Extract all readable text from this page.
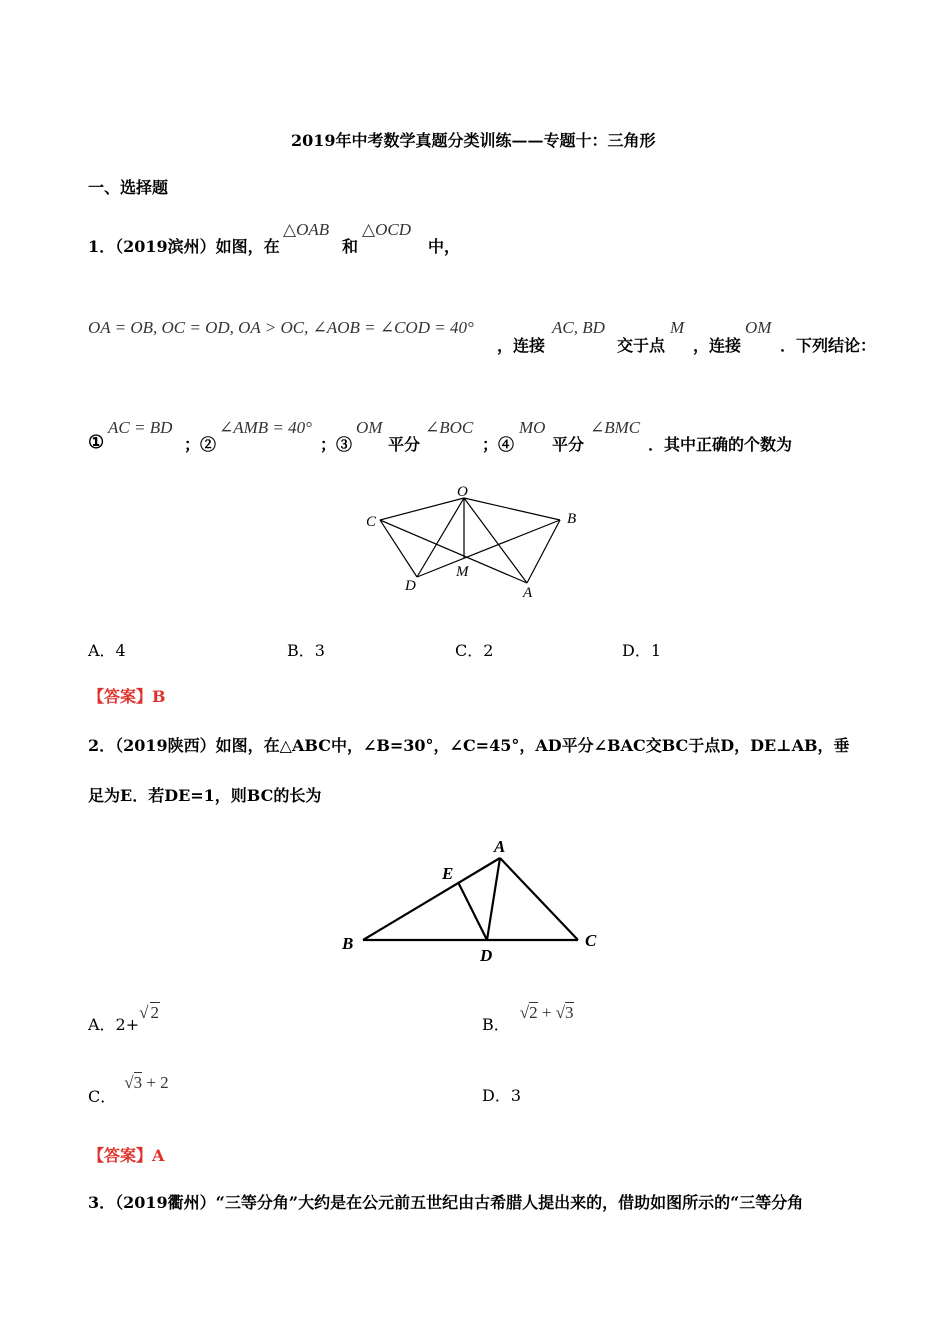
2019年中考数学真题分类训练——专题十：三角形
一、选择题
1．（2019滨州）如图，在
△OAB
和
△OCD
中，
OA = OB, OC = OD, OA > OC, ∠AOB = ∠COD = 40°
，连接
AC, BD
交于点
M
，连接
OM
．下列结论：
①
AC = BD
；②
∠AMB = 40°
；③
OM
平分
∠BOC
；④
MO
平分
∠BMC
．其中正确的个数为
O
C	B
D
M
A
A．4	B．3	C．2	D．1
【答案】B
2．（2019陕西）如图，在△ABC中，∠B=30°，∠C=45°，AD平分∠BAC交BC于点D，DE⊥AB，垂
足为E．若DE=1，则BC的长为
A
E
B
D
C
A．2+√ 2
B．√2 + √3
C．√3 + 2
D．3
【答案】A
3．（2019衢州）“三等分角”大约是在公元前五世纪由古希腊人提出来的，借助如图所示的“三等分角
